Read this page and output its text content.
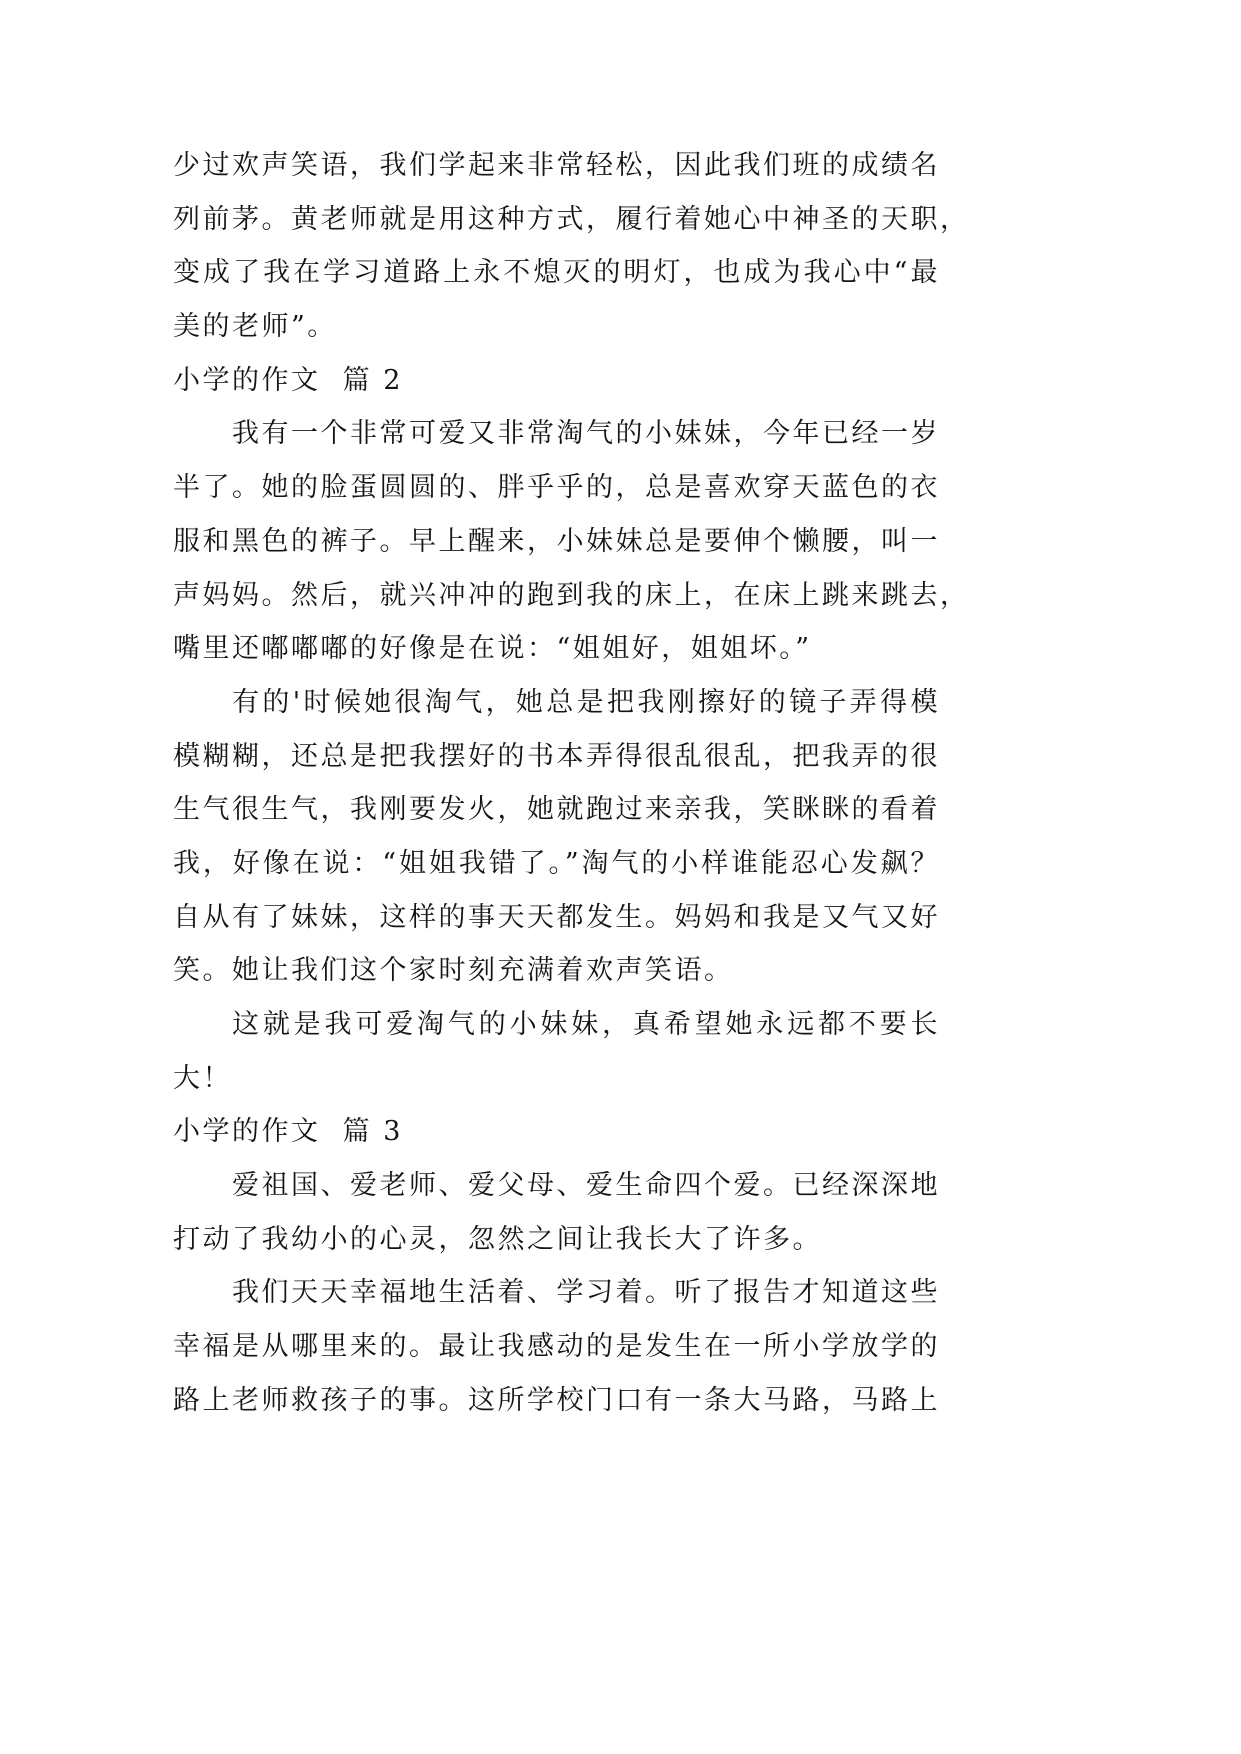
少过欢声笑语，我们学起来非常轻松，因此我们班的成绩名
列前茅。黄老师就是用这种方式，履行着她心中神圣的天职，
变成了我在学习道路上永不熄灭的明灯，也成为我心中“最
美的老师”。
小学的作文  篇 2
我有一个非常可爱又非常淘气的小妹妹，今年已经一岁
半了。她的脸蛋圆圆的、胖乎乎的，总是喜欢穿天蓝色的衣
服和黑色的裤子。早上醒来，小妹妹总是要伸个懒腰，叫一
声妈妈。然后，就兴冲冲的跑到我的床上，在床上跳来跳去，
嘴里还嘟嘟嘟的好像是在说：“姐姐好，姐姐坏。”
有的'时候她很淘气，她总是把我刚擦好的镜子弄得模
模糊糊，还总是把我摆好的书本弄得很乱很乱，把我弄的很
生气很生气，我刚要发火，她就跑过来亲我，笑眯眯的看着
我，好像在说：“姐姐我错了。”淘气的小样谁能忍心发飙？
自从有了妹妹，这样的事天天都发生。妈妈和我是又气又好
笑。她让我们这个家时刻充满着欢声笑语。
这就是我可爱淘气的小妹妹，真希望她永远都不要长
大！
小学的作文  篇 3
爱祖国、爱老师、爱父母、爱生命四个爱。已经深深地
打动了我幼小的心灵，忽然之间让我长大了许多。
我们天天幸福地生活着、学习着。听了报告才知道这些
幸福是从哪里来的。最让我感动的是发生在一所小学放学的
路上老师救孩子的事。这所学校门口有一条大马路，马路上
